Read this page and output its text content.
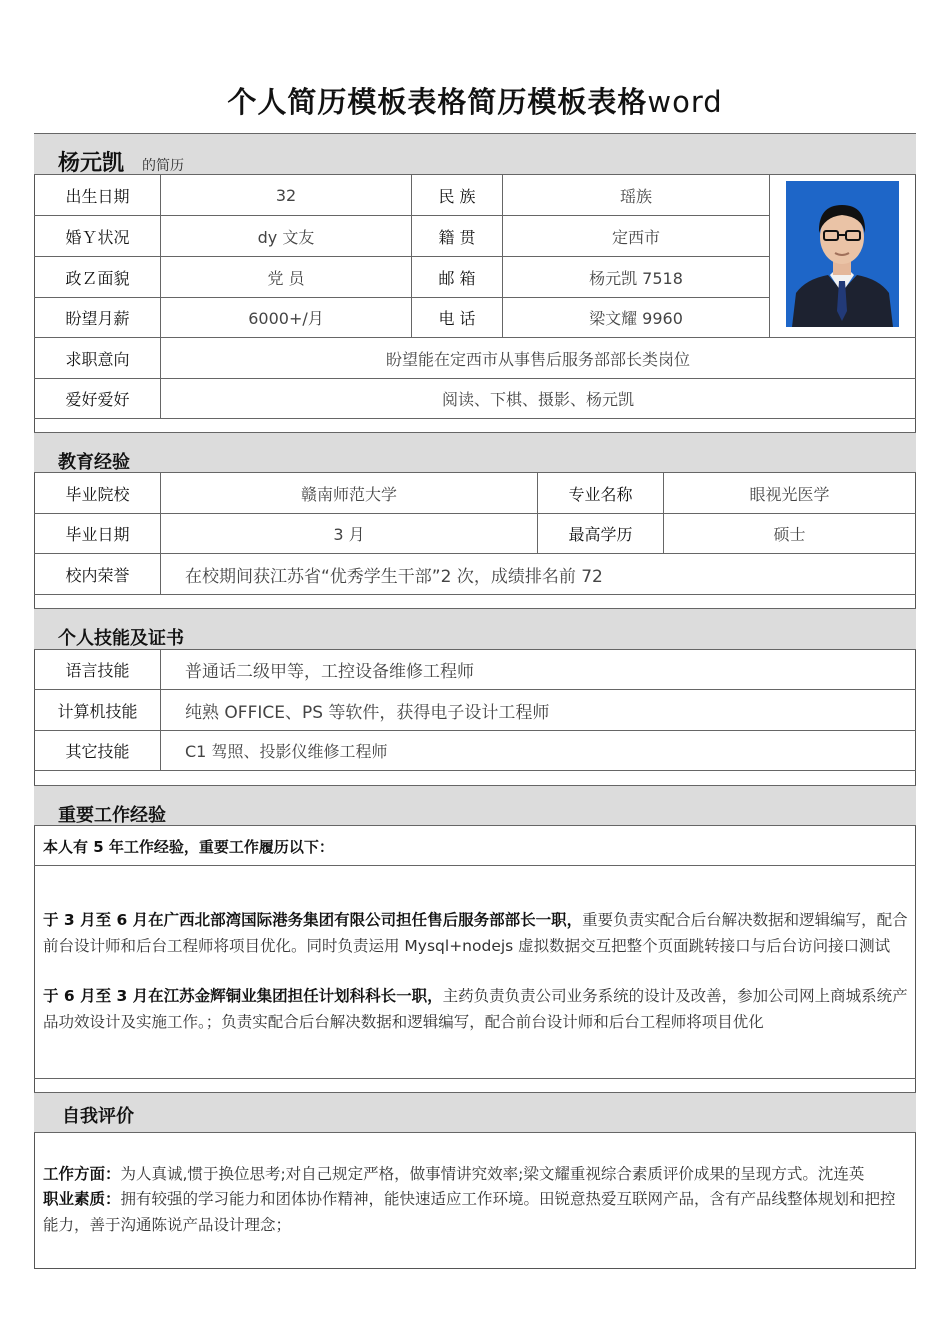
个人简历模板表格简历模板表格word
杨元凯 的简历
出生日期	32	民 族	瑶族
婚Ｙ状况	dy 文友	籍 贯	定西市
政Ｚ面貌	党 员	邮 箱	杨元凯 7518
盼望月薪	6000+/月	电 话	梁文耀 9960
求职意向	盼望能在定西市从事售后服务部部长类岗位
爱好爱好	阅读、下棋、摄影、杨元凯
教育经验
毕业院校	赣南师范大学	专业名称	眼视光医学
毕业日期	3 月	最高学历	硕士
校内荣誉	在校期间获江苏省“优秀学生干部”2 次，成绩排名前 72
个人技能及证书
语言技能	普通话二级甲等，工控设备维修工程师
计算机技能	纯熟 OFFICE、PS 等软件，获得电子设计工程师
其它技能	C1 驾照、投影仪维修工程师
重要工作经验
本人有 5 年工作经验，重要工作履历以下：
于 3 月至 6 月在广西北部湾国际港务集团有限公司担任售后服务部部长一职，重要负责实配合后台解决数据和逻辑编写，配合前台设计师和后台工程师将项目优化。同时负责运用 Mysql+nodejs 虚拟数据交互把整个页面跳转接口与后台访问接口测试
于 6 月至 3 月在江苏金辉铜业集团担任计划科科长一职，主药负责负责公司业务系统的设计及改善，参加公司网上商城系统产品功效设计及实施工作。；负责实配合后台解决数据和逻辑编写，配合前台设计师和后台工程师将项目优化
自我评价
工作方面：为人真诚,惯于换位思考;对自己规定严格，做事情讲究效率;梁文耀重视综合素质评价成果的呈现方式。沈连英
职业素质：拥有较强的学习能力和团体协作精神，能快速适应工作环境。田锐意热爱互联网产品，含有产品线整体规划和把控能力，善于沟通陈说产品设计理念；
